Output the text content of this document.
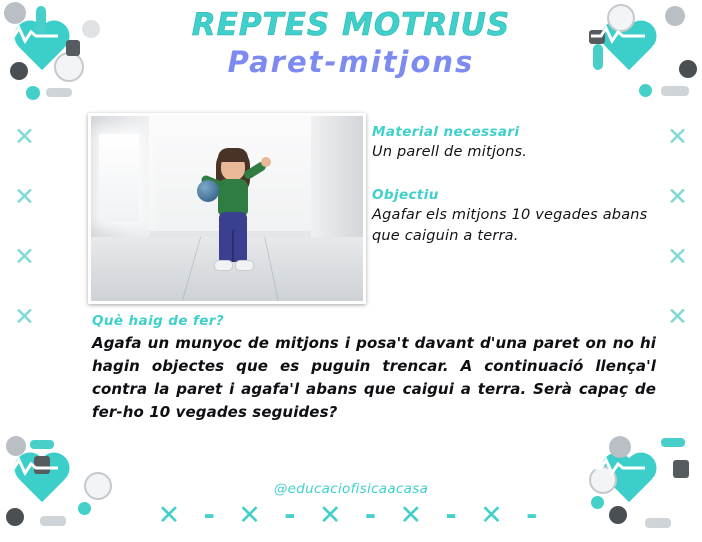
✕
✕
✕
✕
✕
✕
✕
✕
REPTES MOTRIUS
Paret-mitjons

Material necessari

Un parell de mitjons.

Objectiu

Agafar els mitjons 10 vegades abans que caiguin a terra.

Què haig de fer?

Agafa un munyoc de mitjons i posa't davant d'una paret on no hi hagin objectes que es puguin trencar. A continuació llença'l contra la paret i agafa'l abans que caigui a terra. Serà capaç de fer-ho 10 vegades seguides?

@educaciofisicaacasa
✕ - ✕ - ✕ - ✕ - ✕ -
